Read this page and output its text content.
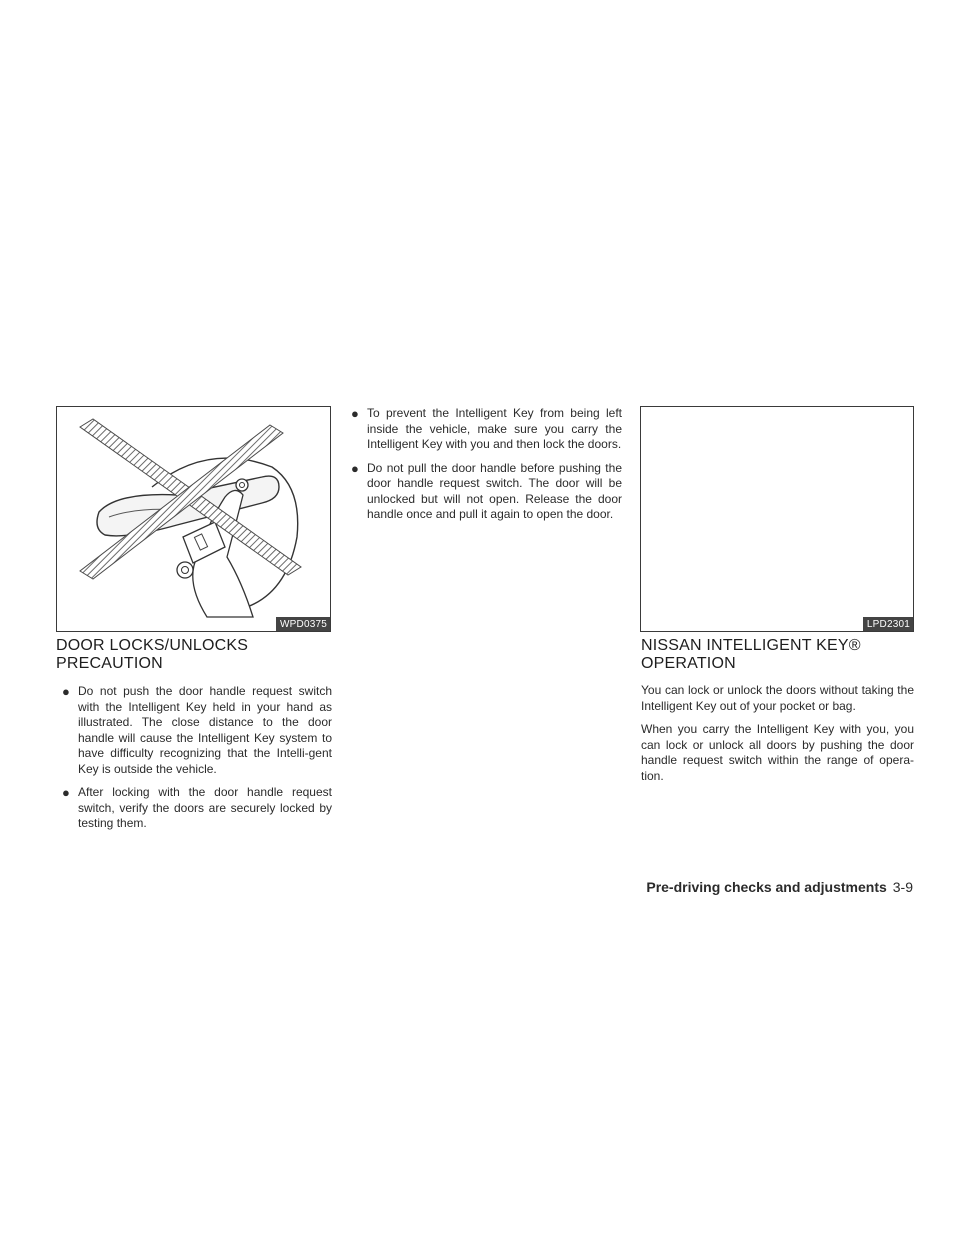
WPD0375
DOOR LOCKS/UNLOCKS
PRECAUTION
● Do not push the door handle request switch with the Intelligent Key held in your hand as illustrated. The close distance to the door handle will cause the Intelligent Key system to have difficulty recognizing that the Intelli-gent Key is outside the vehicle.
● After locking with the door handle request switch, verify the doors are securely locked by testing them.
● To prevent the Intelligent Key from being left inside the vehicle, make sure you carry the Intelligent Key with you and then lock the doors.
● Do not pull the door handle before pushing the door handle request switch. The door will be unlocked but will not open. Release the door handle once and pull it again to open the door.
LPD2301
NISSAN INTELLIGENT KEY®
OPERATION

You can lock or unlock the doors without taking the Intelligent Key out of your pocket or bag.

When you carry the Intelligent Key with you, you can lock or unlock all doors by pushing the door handle request switch within the range of opera-tion.

Pre-driving checks and adjustments 3-9
